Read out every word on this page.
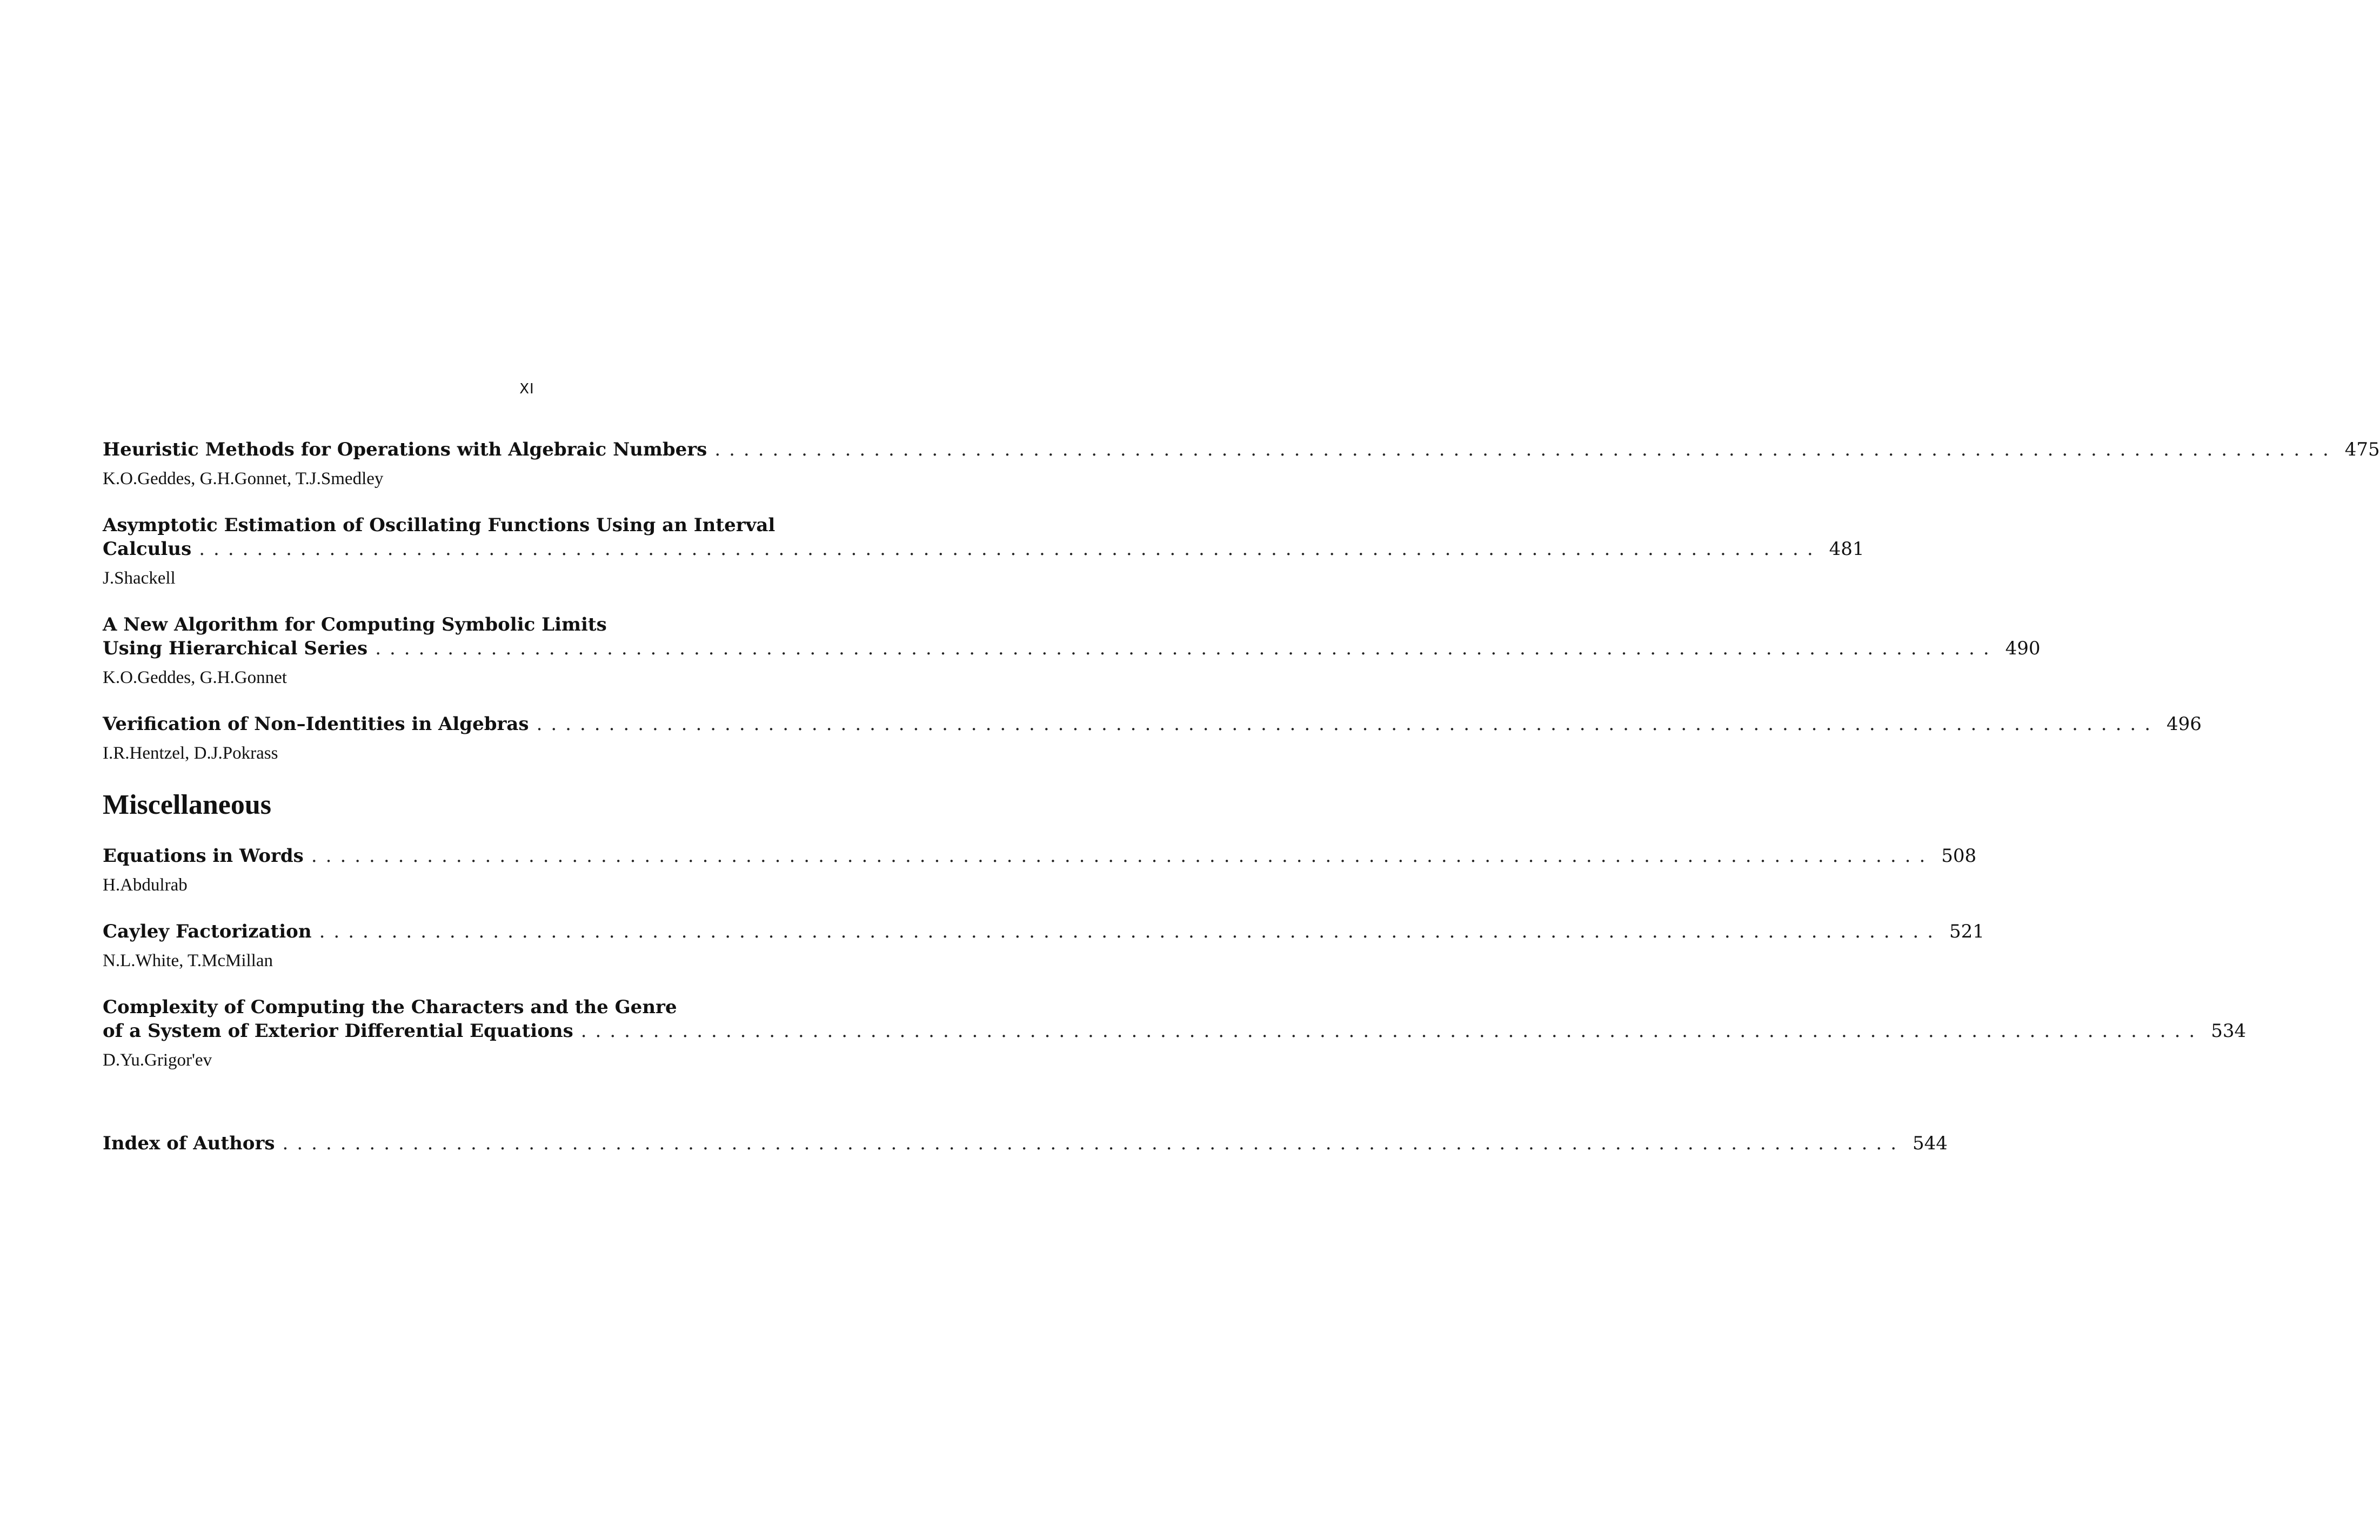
XI
Heuristic Methods for Operations with Algebraic Numbers ................................................................................................................ 475
K.O.Geddes, G.H.Gonnet, T.J.Smedley
Asymptotic Estimation of Oscillating Functions Using an Interval
Calculus ................................................................................................................ 481
J.Shackell
A New Algorithm for Computing Symbolic Limits
Using Hierarchical Series ................................................................................................................ 490
K.O.Geddes, G.H.Gonnet
Verification of Non–Identities in Algebras ................................................................................................................ 496
I.R.Hentzel, D.J.Pokrass
Miscellaneous
Equations in Words ................................................................................................................ 508
H.Abdulrab
Cayley Factorization ................................................................................................................ 521
N.L.White, T.McMillan
Complexity of Computing the Characters and the Genre
of a System of Exterior Differential Equations ................................................................................................................ 534
D.Yu.Grigor'ev
Index of Authors ................................................................................................................ 544
